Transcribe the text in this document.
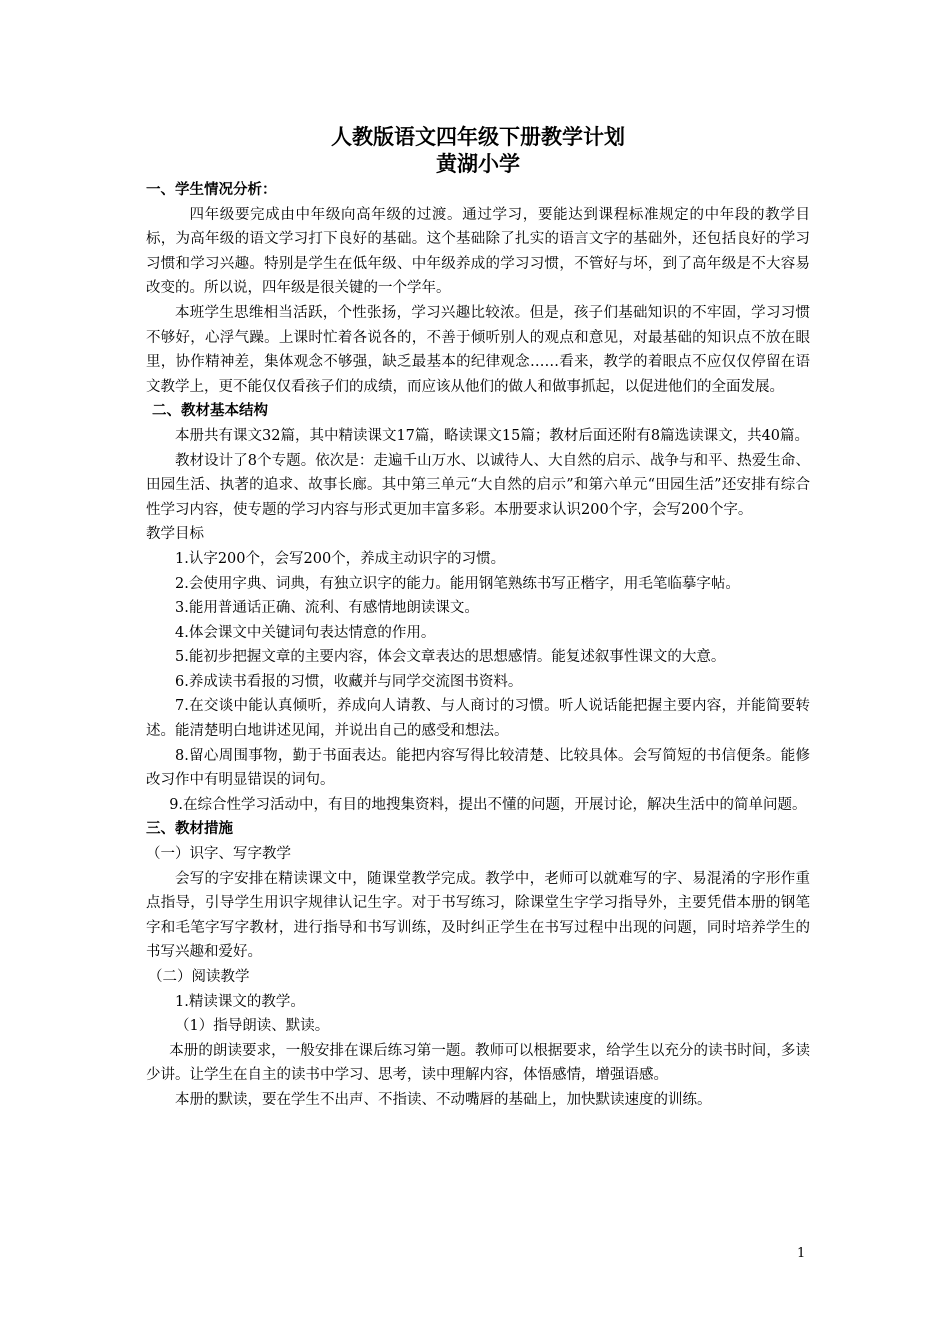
人教版语文四年级下册教学计划
黄湖小学

一、学生情况分析：

四年级要完成由中年级向高年级的过渡。通过学习，要能达到课程标准规定的中年段的教学目标，为高年级的语文学习打下良好的基础。这个基础除了扎实的语言文字的基础外，还包括良好的学习习惯和学习兴趣。特别是学生在低年级、中年级养成的学习习惯，不管好与坏，到了高年级是不大容易改变的。所以说，四年级是很关键的一个学年。

本班学生思维相当活跃，个性张扬，学习兴趣比较浓。但是，孩子们基础知识的不牢固，学习习惯不够好，心浮气躁。上课时忙着各说各的，不善于倾听别人的观点和意见，对最基础的知识点不放在眼里，协作精神差，集体观念不够强，缺乏最基本的纪律观念……看来，教学的着眼点不应仅仅停留在语文教学上，更不能仅仅看孩子们的成绩，而应该从他们的做人和做事抓起，以促进他们的全面发展。

二、教材基本结构

本册共有课文32篇，其中精读课文17篇，略读课文15篇；教材后面还附有8篇选读课文，共40篇。

教材设计了8个专题。依次是：走遍千山万水、以诚待人、大自然的启示、战争与和平、热爱生命、田园生活、执著的追求、故事长廊。其中第三单元“大自然的启示”和第六单元“田园生活”还安排有综合性学习内容，使专题的学习内容与形式更加丰富多彩。本册要求认识200个字，会写200个字。

教学目标

1.认字200个，会写200个，养成主动识字的习惯。

2.会使用字典、词典，有独立识字的能力。能用钢笔熟练书写正楷字，用毛笔临摹字帖。

3.能用普通话正确、流利、有感情地朗读课文。

4.体会课文中关键词句表达情意的作用。

5.能初步把握文章的主要内容，体会文章表达的思想感情。能复述叙事性课文的大意。

6.养成读书看报的习惯，收藏并与同学交流图书资料。

7.在交谈中能认真倾听，养成向人请教、与人商讨的习惯。听人说话能把握主要内容，并能简要转述。能清楚明白地讲述见闻，并说出自己的感受和想法。

8.留心周围事物，勤于书面表达。能把内容写得比较清楚、比较具体。会写简短的书信便条。能修改习作中有明显错误的词句。

9.在综合性学习活动中，有目的地搜集资料，提出不懂的问题，开展讨论，解决生活中的简单问题。

三、教材措施

（一）识字、写字教学

会写的字安排在精读课文中，随课堂教学完成。教学中，老师可以就难写的字、易混淆的字形作重点指导，引导学生用识字规律认记生字。对于书写练习，除课堂生字学习指导外，主要凭借本册的钢笔字和毛笔字写字教材，进行指导和书写训练，及时纠正学生在书写过程中出现的问题，同时培养学生的书写兴趣和爱好。

（二）阅读教学

1.精读课文的教学。

（1）指导朗读、默读。

本册的朗读要求，一般安排在课后练习第一题。教师可以根据要求，给学生以充分的读书时间，多读少讲。让学生在自主的读书中学习、思考，读中理解内容，体悟感情，增强语感。

本册的默读，要在学生不出声、不指读、不动嘴唇的基础上，加快默读速度的训练。

1
